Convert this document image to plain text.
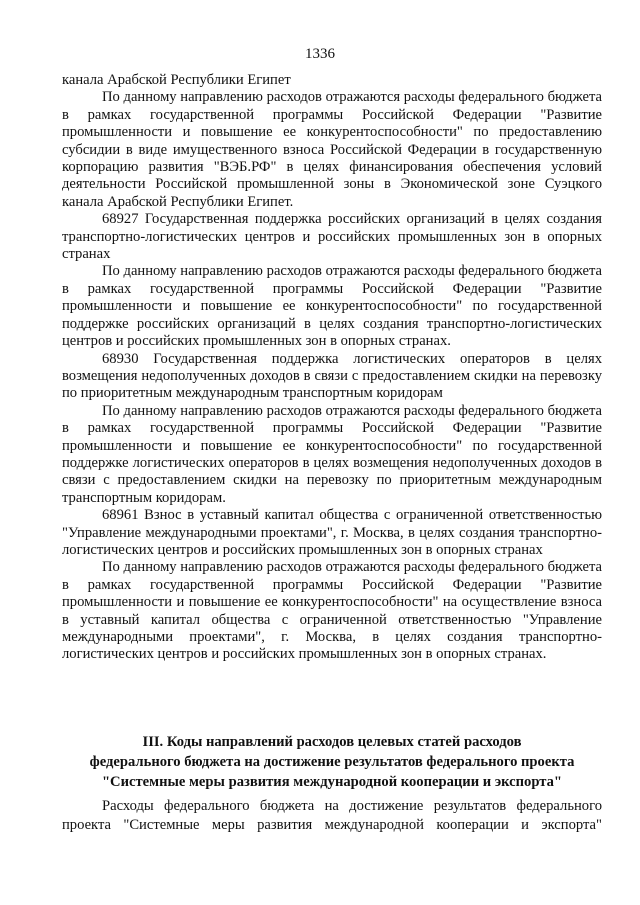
1336

канала Арабской Республики Египет

По данному направлению расходов отражаются расходы федерального бюджета в рамках государственной программы Российской Федерации "Развитие промышленности и повышение ее конкурентоспособности" по предоставлению субсидии в виде имущественного взноса Российской Федерации в государственную корпорацию развития "ВЭБ.РФ" в целях финансирования обеспечения условий деятельности Российской промышленной зоны в Экономической зоне Суэцкого канала Арабской Республики Египет.

68927 Государственная поддержка российских организаций в целях создания транспортно-логистических центров и российских промышленных зон в опорных странах

По данному направлению расходов отражаются расходы федерального бюджета в рамках государственной программы Российской Федерации "Развитие промышленности и повышение ее конкурентоспособности" по государственной поддержке российских организаций в целях создания транспортно-логистических центров и российских промышленных зон в опорных странах.

68930 Государственная поддержка логистических операторов в целях возмещения недополученных доходов в связи с предоставлением скидки на перевозку по приоритетным международным транспортным коридорам

По данному направлению расходов отражаются расходы федерального бюджета в рамках государственной программы Российской Федерации "Развитие промышленности и повышение ее конкурентоспособности" по государственной поддержке логистических операторов в целях возмещения недополученных доходов в связи с предоставлением скидки на перевозку по приоритетным международным транспортным коридорам.

68961 Взнос в уставный капитал общества с ограниченной ответственностью "Управление международными проектами", г. Москва, в целях создания транспортно-логистических центров и российских промышленных зон в опорных странах

По данному направлению расходов отражаются расходы федерального бюджета в рамках государственной программы Российской Федерации "Развитие промышленности и повышение ее конкурентоспособности" на осуществление взноса в уставный капитал общества с ограниченной ответственностью "Управление международными проектами", г. Москва, в целях создания транспортно-логистических центров и российских промышленных зон в опорных странах.

III. Коды направлений расходов целевых статей расходов
федерального бюджета на достижение результатов федерального проекта
"Системные меры развития международной кооперации и экспорта"

Расходы федерального бюджета на достижение результатов федерального проекта "Системные меры развития международной кооперации и экспорта"
